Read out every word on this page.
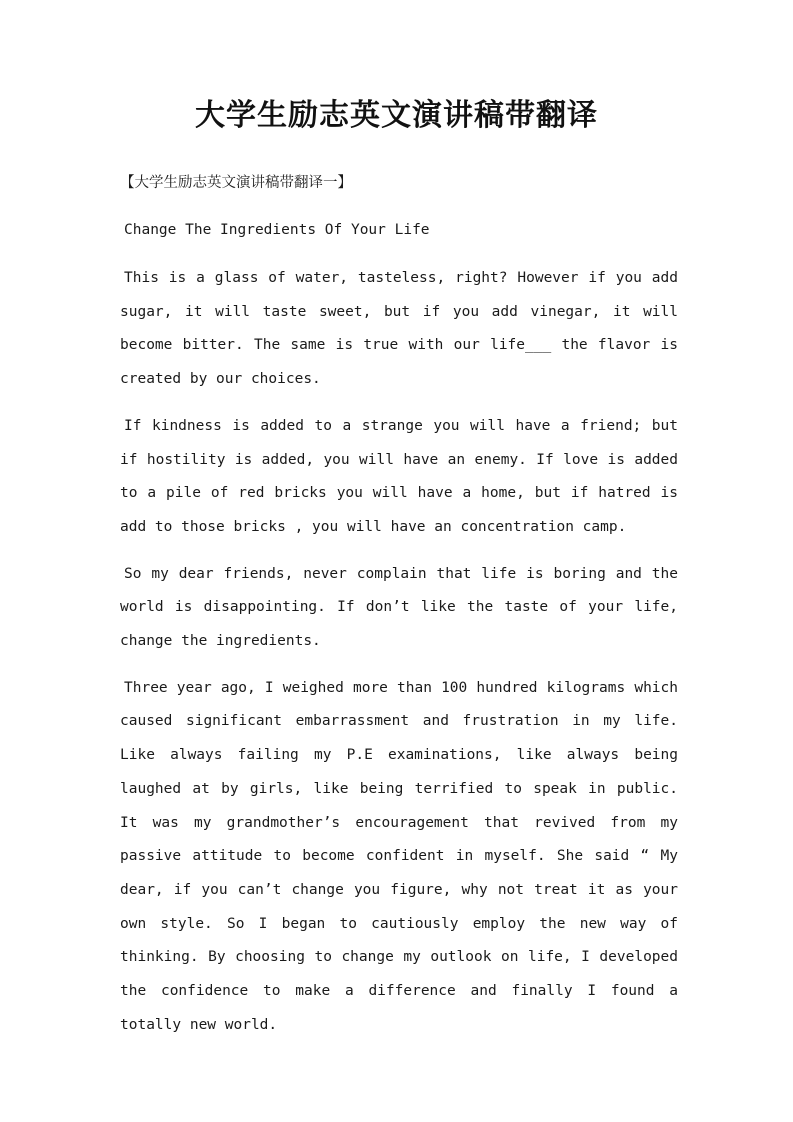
大学生励志英文演讲稿带翻译
【大学生励志英文演讲稿带翻译一】
Change The Ingredients Of Your Life

This is a glass of water, tasteless, right? However if you add sugar, it will taste sweet, but if you add vinegar, it will become bitter. The same is true with our life___ the flavor is created by our choices.

If kindness is added to a strange you will have a friend; but if hostility is added, you will have an enemy. If love is added to a pile of red bricks you will have a home, but if hatred is add to those bricks , you will have an concentration camp.

So my dear friends, never complain that life is boring and the world is disappointing. If don’t like the taste of your life, change the ingredients.

Three year ago, I weighed more than 100 hundred kilograms which caused significant embarrassment and frustration in my life. Like always failing my P.E examinations, like always being laughed at by girls, like being terrified to speak in public. It was my grandmother’s encouragement that revived from my passive attitude to become confident in myself. She said “ My dear, if you can’t change you figure, why not treat it as your own style. So I began to cautiously employ the new way of thinking. By choosing to change my outlook on life, I developed the confidence to make a difference and finally I found a totally new world.
